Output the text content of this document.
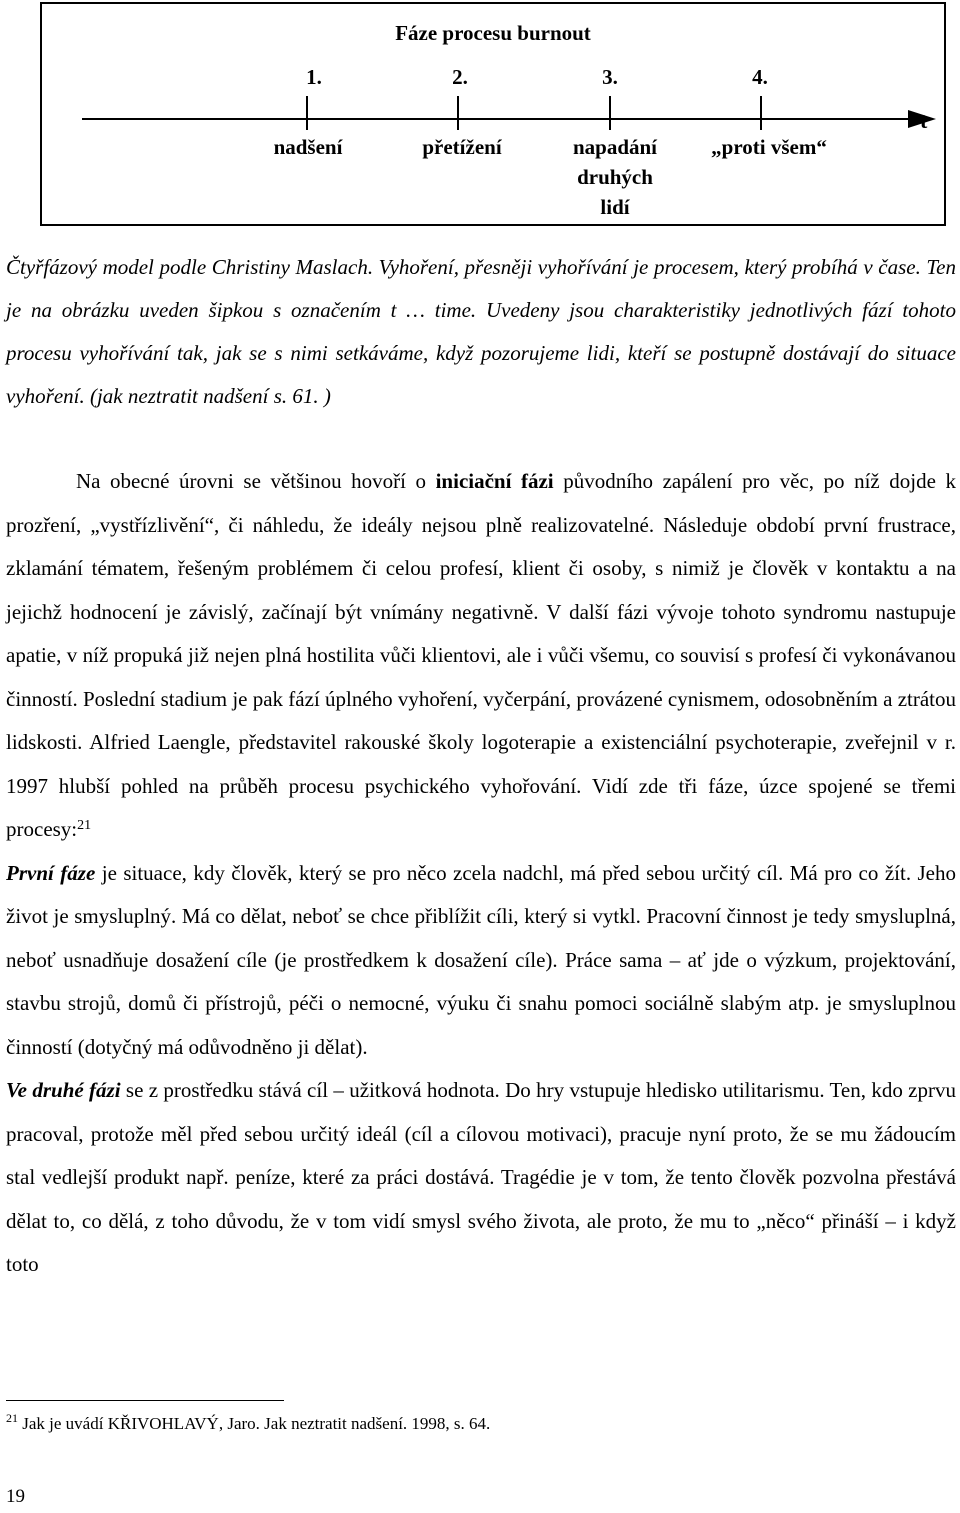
Fáze procesu burnout
1.	2.	3.	4.
t
nadšení	přetížení	napadání
druhých
lidí
„proti všem“

Čtyřfázový model podle Christiny Maslach. Vyhoření, přesněji vyhořívání je procesem, který probíhá v čase. Ten je na obrázku uveden šipkou s označením t … time. Uvedeny jsou charakteristiky jednotlivých fází tohoto procesu vyhořívání tak, jak se s nimi setkáváme, když pozorujeme lidi, kteří se postupně dostávají do situace vyhoření. (jak neztratit nadšení s. 61. )

Na obecné úrovni se většinou hovoří o iniciační fázi původního zapálení pro věc, po níž dojde k prozření, „vystřízlivění“, či náhledu, že ideály nejsou plně realizovatelné. Následuje období první frustrace, zklamání tématem, řešeným problémem či celou profesí, klient či osoby, s nimiž je člověk v kontaktu a na jejichž hodnocení je závislý, začínají být vnímány negativně. V další fázi vývoje tohoto syndromu nastupuje apatie, v níž propuká již nejen plná hostilita vůči klientovi, ale i vůči všemu, co souvisí s profesí či vykonávanou činností. Poslední stadium je pak fází úplného vyhoření, vyčerpání, provázené cynismem, odosobněním a ztrátou lidskosti. Alfried Laengle, představitel rakouské školy logoterapie a existenciální psychoterapie, zveřejnil v r. 1997 hlubší pohled na průběh procesu psychického vyhořování. Vidí zde tři fáze, úzce spojené se třemi procesy:$^{21}$
První fáze je situace, kdy člověk, který se pro něco zcela nadchl, má před sebou určitý cíl. Má pro co žít. Jeho život je smysluplný. Má co dělat, neboť se chce přiblížit cíli, který si vytkl. Pracovní činnost je tedy smysluplná, neboť usnadňuje dosažení cíle (je prostředkem k dosažení cíle). Práce sama – ať jde o výzkum, projektování, stavbu strojů, domů či přístrojů, péči o nemocné, výuku či snahu pomoci sociálně slabým atp. je smysluplnou činností (dotyčný má odůvodněno ji dělat).
Ve druhé fázi se z prostředku stává cíl – užitková hodnota. Do hry vstupuje hledisko utilitarismu. Ten, kdo zprvu pracoval, protože měl před sebou určitý ideál (cíl a cílovou motivaci), pracuje nyní proto, že se mu žádoucím stal vedlejší produkt např. peníze, které za práci dostává. Tragédie je v tom, že tento člověk pozvolna přestává dělat to, co dělá, z toho důvodu, že v tom vidí smysl svého života, ale proto, že mu to „něco“ přináší – i když toto
$^{21}$ Jak je uvádí KŘIVOHLAVÝ, Jaro. Jak neztratit nadšení. 1998, s. 64.
19
